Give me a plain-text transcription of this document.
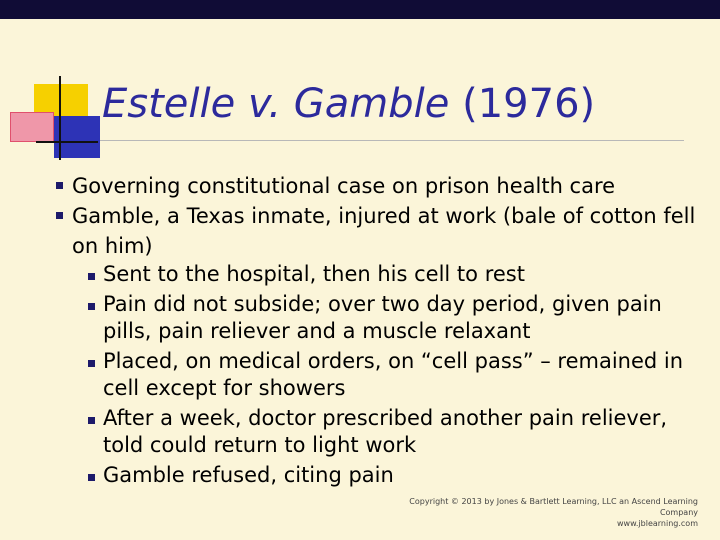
Estelle v. Gamble (1976)
Governing constitutional case on prison health care
Gamble, a Texas inmate, injured at work (bale of cotton fell on him)
Sent to the hospital, then his cell to rest
Pain did not subside; over two day period, given pain pills, pain reliever and a muscle relaxant
Placed, on medical orders, on “cell pass” – remained in cell except for showers
After a week, doctor prescribed another pain reliever, told could return to light work
Gamble refused, citing pain
Copyright © 2013 by Jones & Bartlett Learning, LLC an Ascend Learning Company
www.jblearning.com
